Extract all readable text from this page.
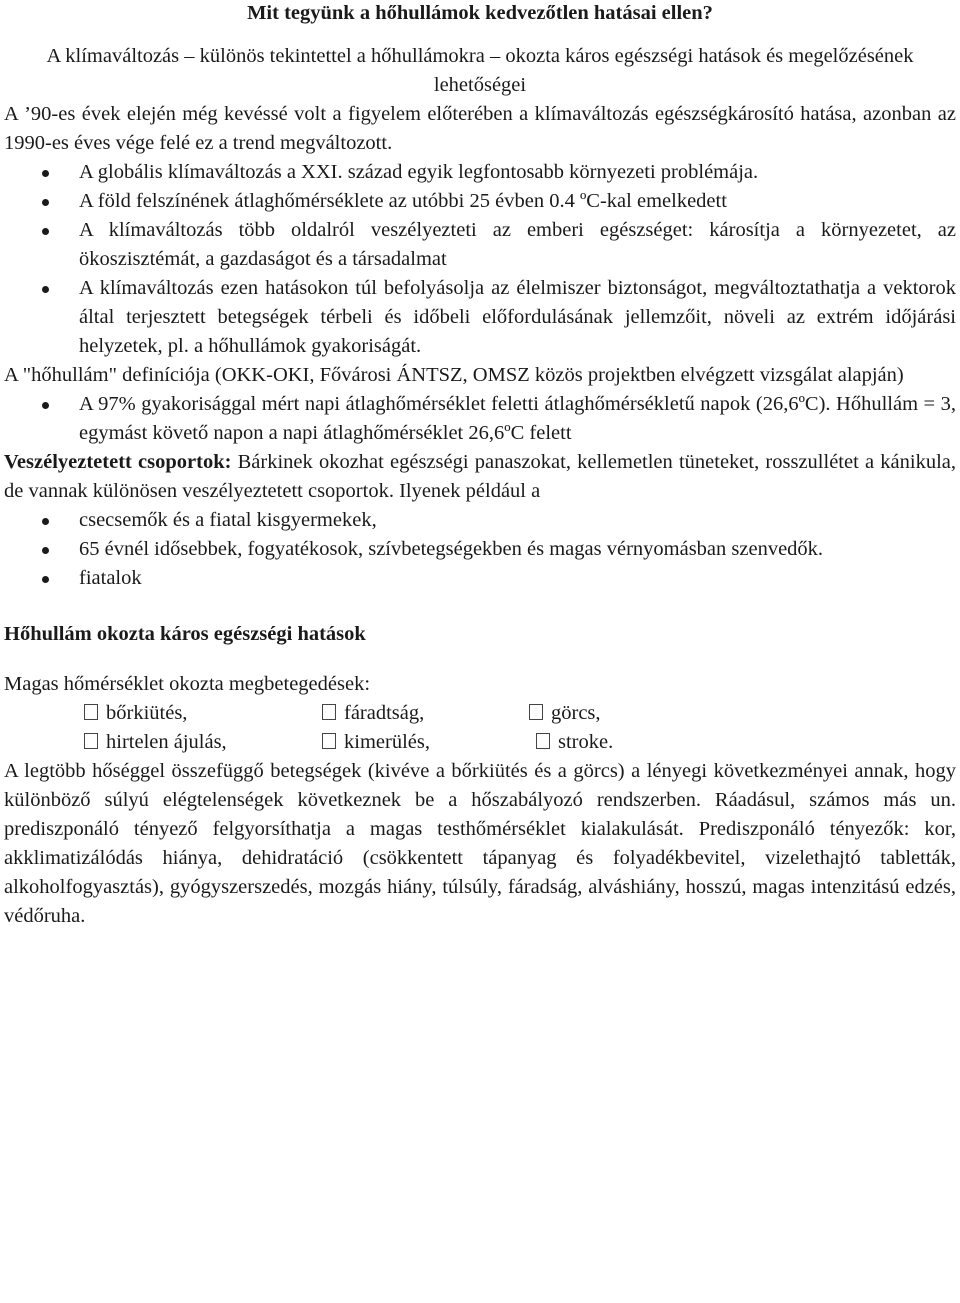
Mit tegyünk a hőhullámok kedvezőtlen hatásai ellen?

A klímaváltozás – különös tekintettel a hőhullámokra – okozta káros egészségi hatások és megelőzésének lehetőségei

A ’90-es évek elején még kevéssé volt a figyelem előterében a klímaváltozás egészségkárosító hatása, azonban az 1990-es éves vége felé ez a trend megváltozott.

A globális klímaváltozás a XXI. század egyik legfontosabb környezeti problémája.
A föld felszínének átlaghőmérséklete az utóbbi 25 évben 0.4 ºC-kal emelkedett
A klímaváltozás több oldalról veszélyezteti az emberi egészséget: károsítja a környezetet, az ökoszisztémát, a gazdaságot és a társadalmat
A klímaváltozás ezen hatásokon túl befolyásolja az élelmiszer biztonságot, megváltoztathatja a vektorok által terjesztett betegségek térbeli és időbeli előfordulásának jellemzőit, növeli az extrém időjárási helyzetek, pl. a hőhullámok gyakoriságát.

A "hőhullám" definíciója (OKK-OKI, Fővárosi ÁNTSZ, OMSZ közös projektben elvégzett vizsgálat alapján)

A 97% gyakorisággal mért napi átlaghőmérséklet feletti átlaghőmérsékletű napok (26,6ºC). Hőhullám = 3, egymást követő napon a napi átlaghőmérséklet 26,6ºC felett

Veszélyeztetett csoportok: Bárkinek okozhat egészségi panaszokat, kellemetlen tüneteket, rosszullétet a kánikula, de vannak különösen veszélyeztetett csoportok. Ilyenek például a

csecsemők és a fiatal kisgyermekek,
65 évnél idősebbek, fogyatékosok, szívbetegségekben és magas vérnyomásban szenvedők.
fiatalok

Hőhullám okozta káros egészségi hatások

Magas hőmérséklet okozta megbetegedések:

bőrkiütés,	fáradtság,	görcs,
hirtelen ájulás,	kimerülés,	stroke.

A legtöbb hőséggel összefüggő betegségek (kivéve a bőrkiütés és a görcs) a lényegi következményei annak, hogy különböző súlyú elégtelenségek következnek be a hőszabályozó rendszerben. Ráadásul, számos más un. prediszponáló tényező felgyorsíthatja a magas testhőmérséklet kialakulását. Prediszponáló tényezők: kor, akklimatizálódás hiánya, dehidratáció (csökkentett tápanyag és folyadékbevitel, vizelethajtó tabletták, alkoholfogyasztás), gyógyszerszedés, mozgás hiány, túlsúly, fáradság, alváshiány, hosszú, magas intenzitású edzés, védőruha.
